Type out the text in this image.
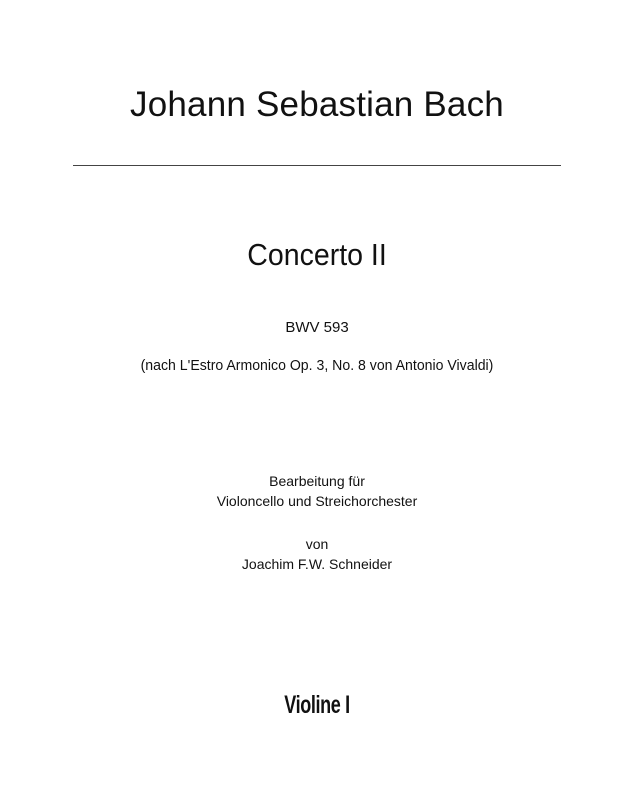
Johann Sebastian Bach
Concerto II
BWV 593
(nach L'Estro Armonico Op. 3, No. 8 von Antonio Vivaldi)
Bearbeitung für
Violoncello und Streichorchester
von
Joachim F.W. Schneider
Violine I
